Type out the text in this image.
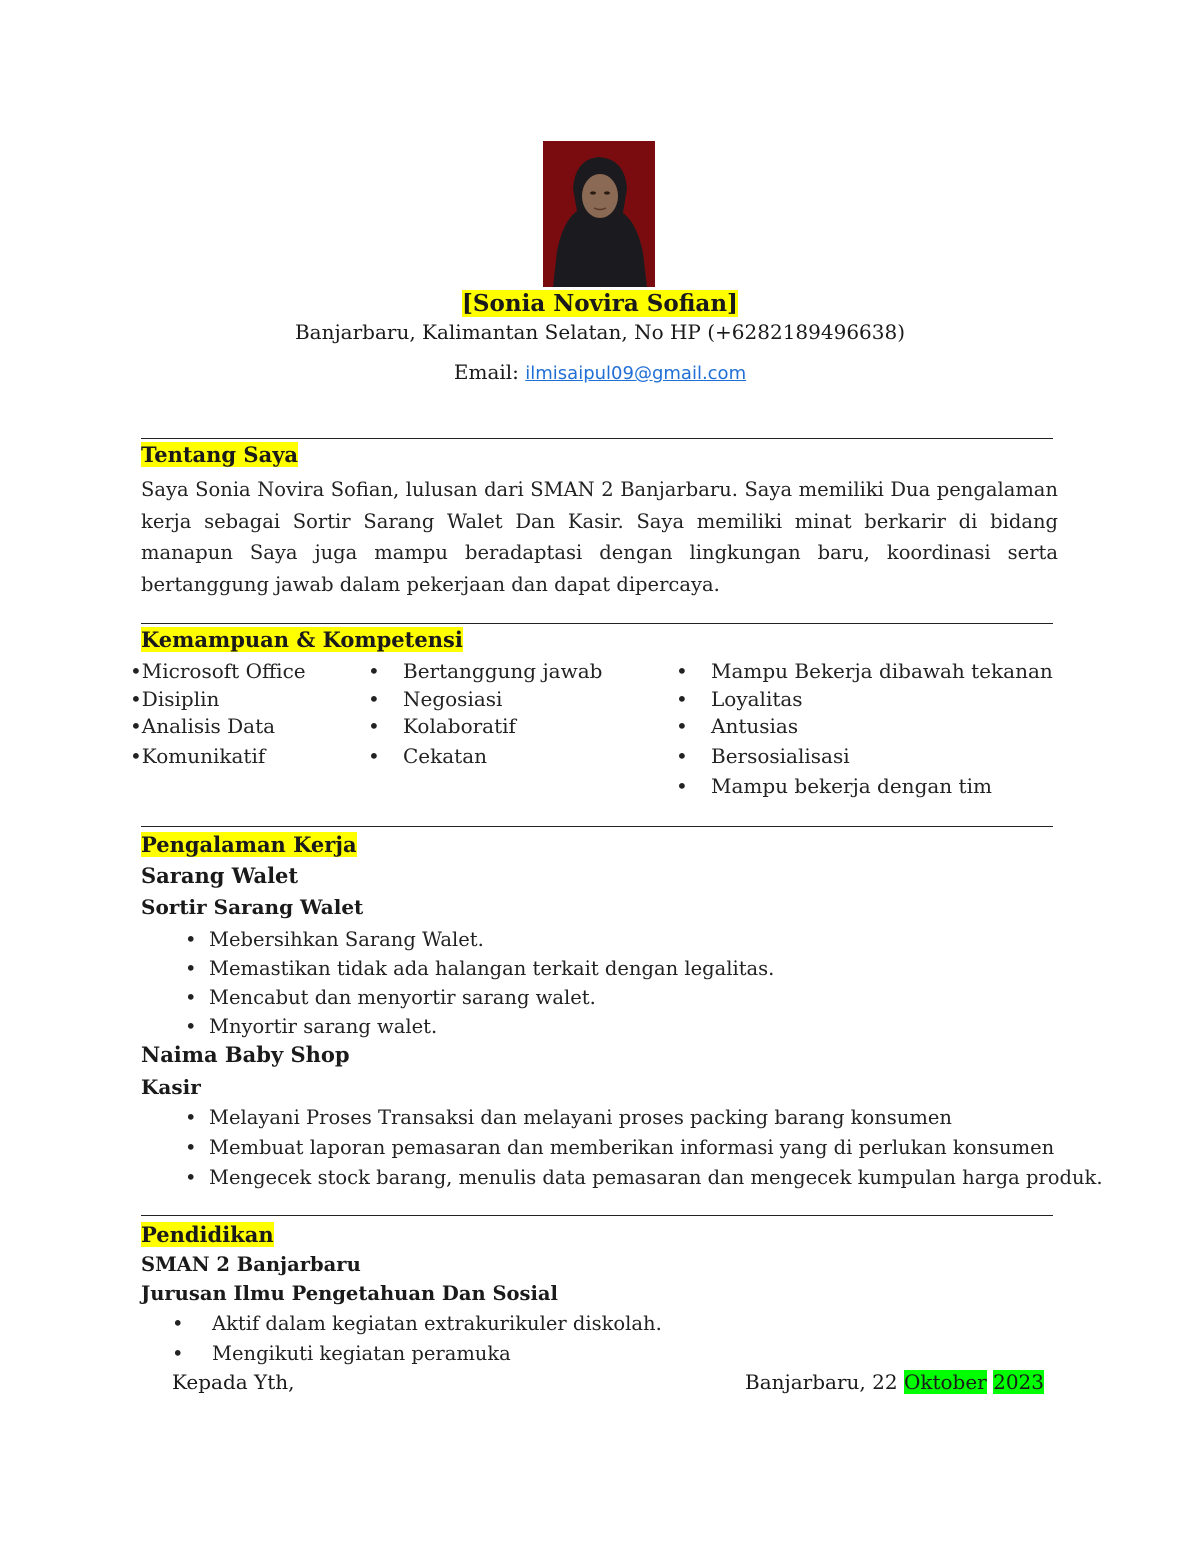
[Sonia Novira Sofian]
Banjarbaru, Kalimantan Selatan, No HP (+6282189496638)
Email: ilmisaipul09@gmail.com
Tentang Saya
Saya Sonia Novira Sofian, lulusan dari SMAN 2 Banjarbaru. Saya memiliki Dua pengalaman kerja sebagai Sortir Sarang Walet Dan Kasir. Saya memiliki minat berkarir di bidang manapun Saya juga mampu beradaptasi dengan lingkungan baru, koordinasi serta bertanggung jawab dalam pekerjaan dan dapat dipercaya.
Kemampuan & Kompetensi
•Microsoft Office
•Disiplin
•Analisis Data
•Komunikatif
• Bertanggung jawab
• Negosiasi
• Kolaboratif
• Cekatan
• Mampu Bekerja dibawah tekanan
• Loyalitas
• Antusias
• Bersosialisasi
• Mampu bekerja dengan tim
Pengalaman Kerja
Sarang Walet
Sortir Sarang Walet
• Mebersihkan Sarang Walet.
• Memastikan tidak ada halangan terkait dengan legalitas.
• Mencabut dan menyortir sarang walet.
• Mnyortir sarang walet.
Naima Baby Shop
Kasir
• Melayani Proses Transaksi dan melayani proses packing barang konsumen
• Membuat laporan pemasaran dan memberikan informasi yang di perlukan konsumen
• Mengecek stock barang, menulis data pemasaran dan mengecek kumpulan harga produk.
Pendidikan
SMAN 2 Banjarbaru
Jurusan Ilmu Pengetahuan Dan Sosial
• Aktif dalam kegiatan extrakurikuler diskolah.
• Mengikuti kegiatan peramuka
Kepada Yth,	Banjarbaru, 22 Oktober 2023
